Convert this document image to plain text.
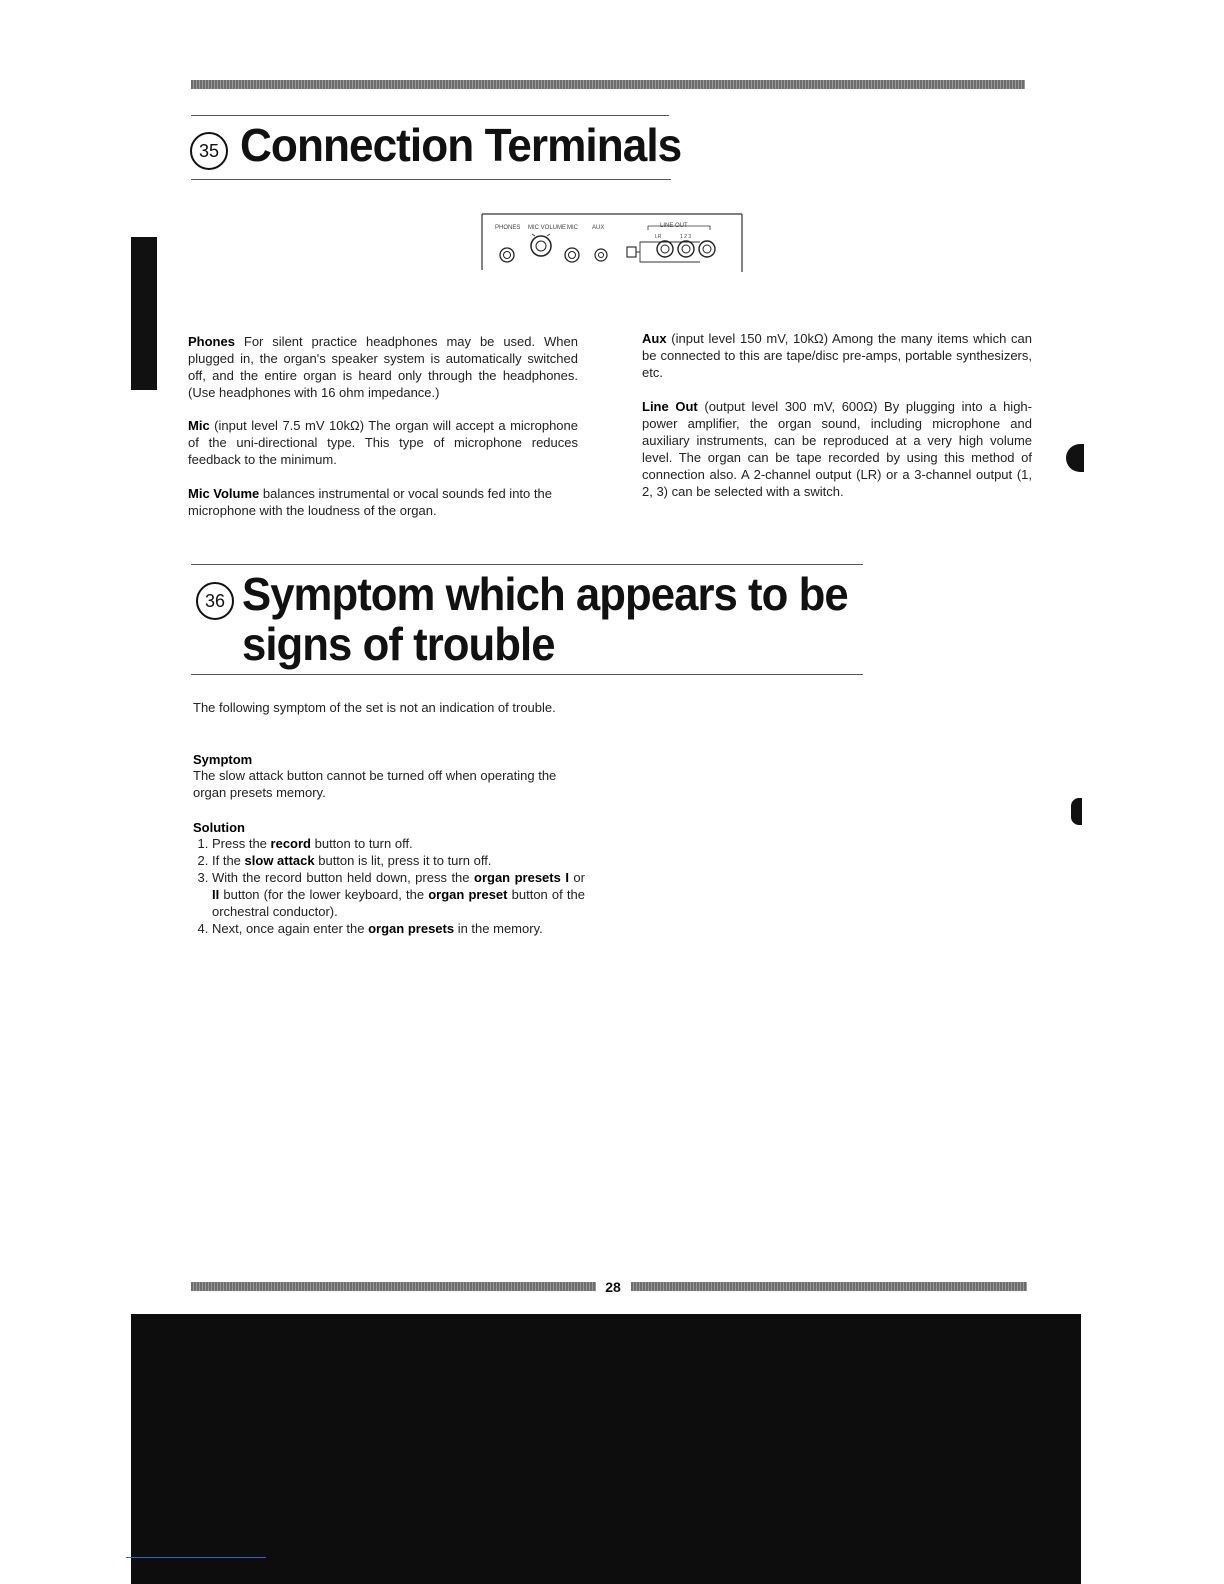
35 Connection Terminals
PHONES MIC VOLUME MIC AUX	LINE OUT
LR	1 2 3
Phones For silent practice headphones may be used. When plugged in, the organ's speaker system is automatically switched off, and the entire organ is heard only through the headphones. (Use headphones with 16 ohm impedance.)
Mic (input level 7.5 mV 10kΩ) The organ will accept a microphone of the uni-directional type. This type of microphone reduces feedback to the minimum.
Mic Volume balances instrumental or vocal sounds fed into the microphone with the loudness of the organ.
Aux (input level 150 mV, 10kΩ) Among the many items which can be connected to this are tape/disc pre-amps, portable synthesizers, etc.
Line Out (output level 300 mV, 600Ω) By plugging into a high-power amplifier, the organ sound, including microphone and auxiliary instruments, can be reproduced at a very high volume level. The organ can be tape recorded by using this method of connection also. A 2-channel output (LR) or a 3-channel output (1, 2, 3) can be selected with a switch.
36 Symptom which appears to be
signs of trouble
The following symptom of the set is not an indication of trouble.
Symptom
The slow attack button cannot be turned off when operating the organ presets memory.
Solution
1. Press the record button to turn off.
2. If the slow attack button is lit, press it to turn off.
3. With the record button held down, press the organ presets I or II button (for the lower keyboard, the organ preset button of the orchestral conductor).
4. Next, once again enter the organ presets in the memory.
28
